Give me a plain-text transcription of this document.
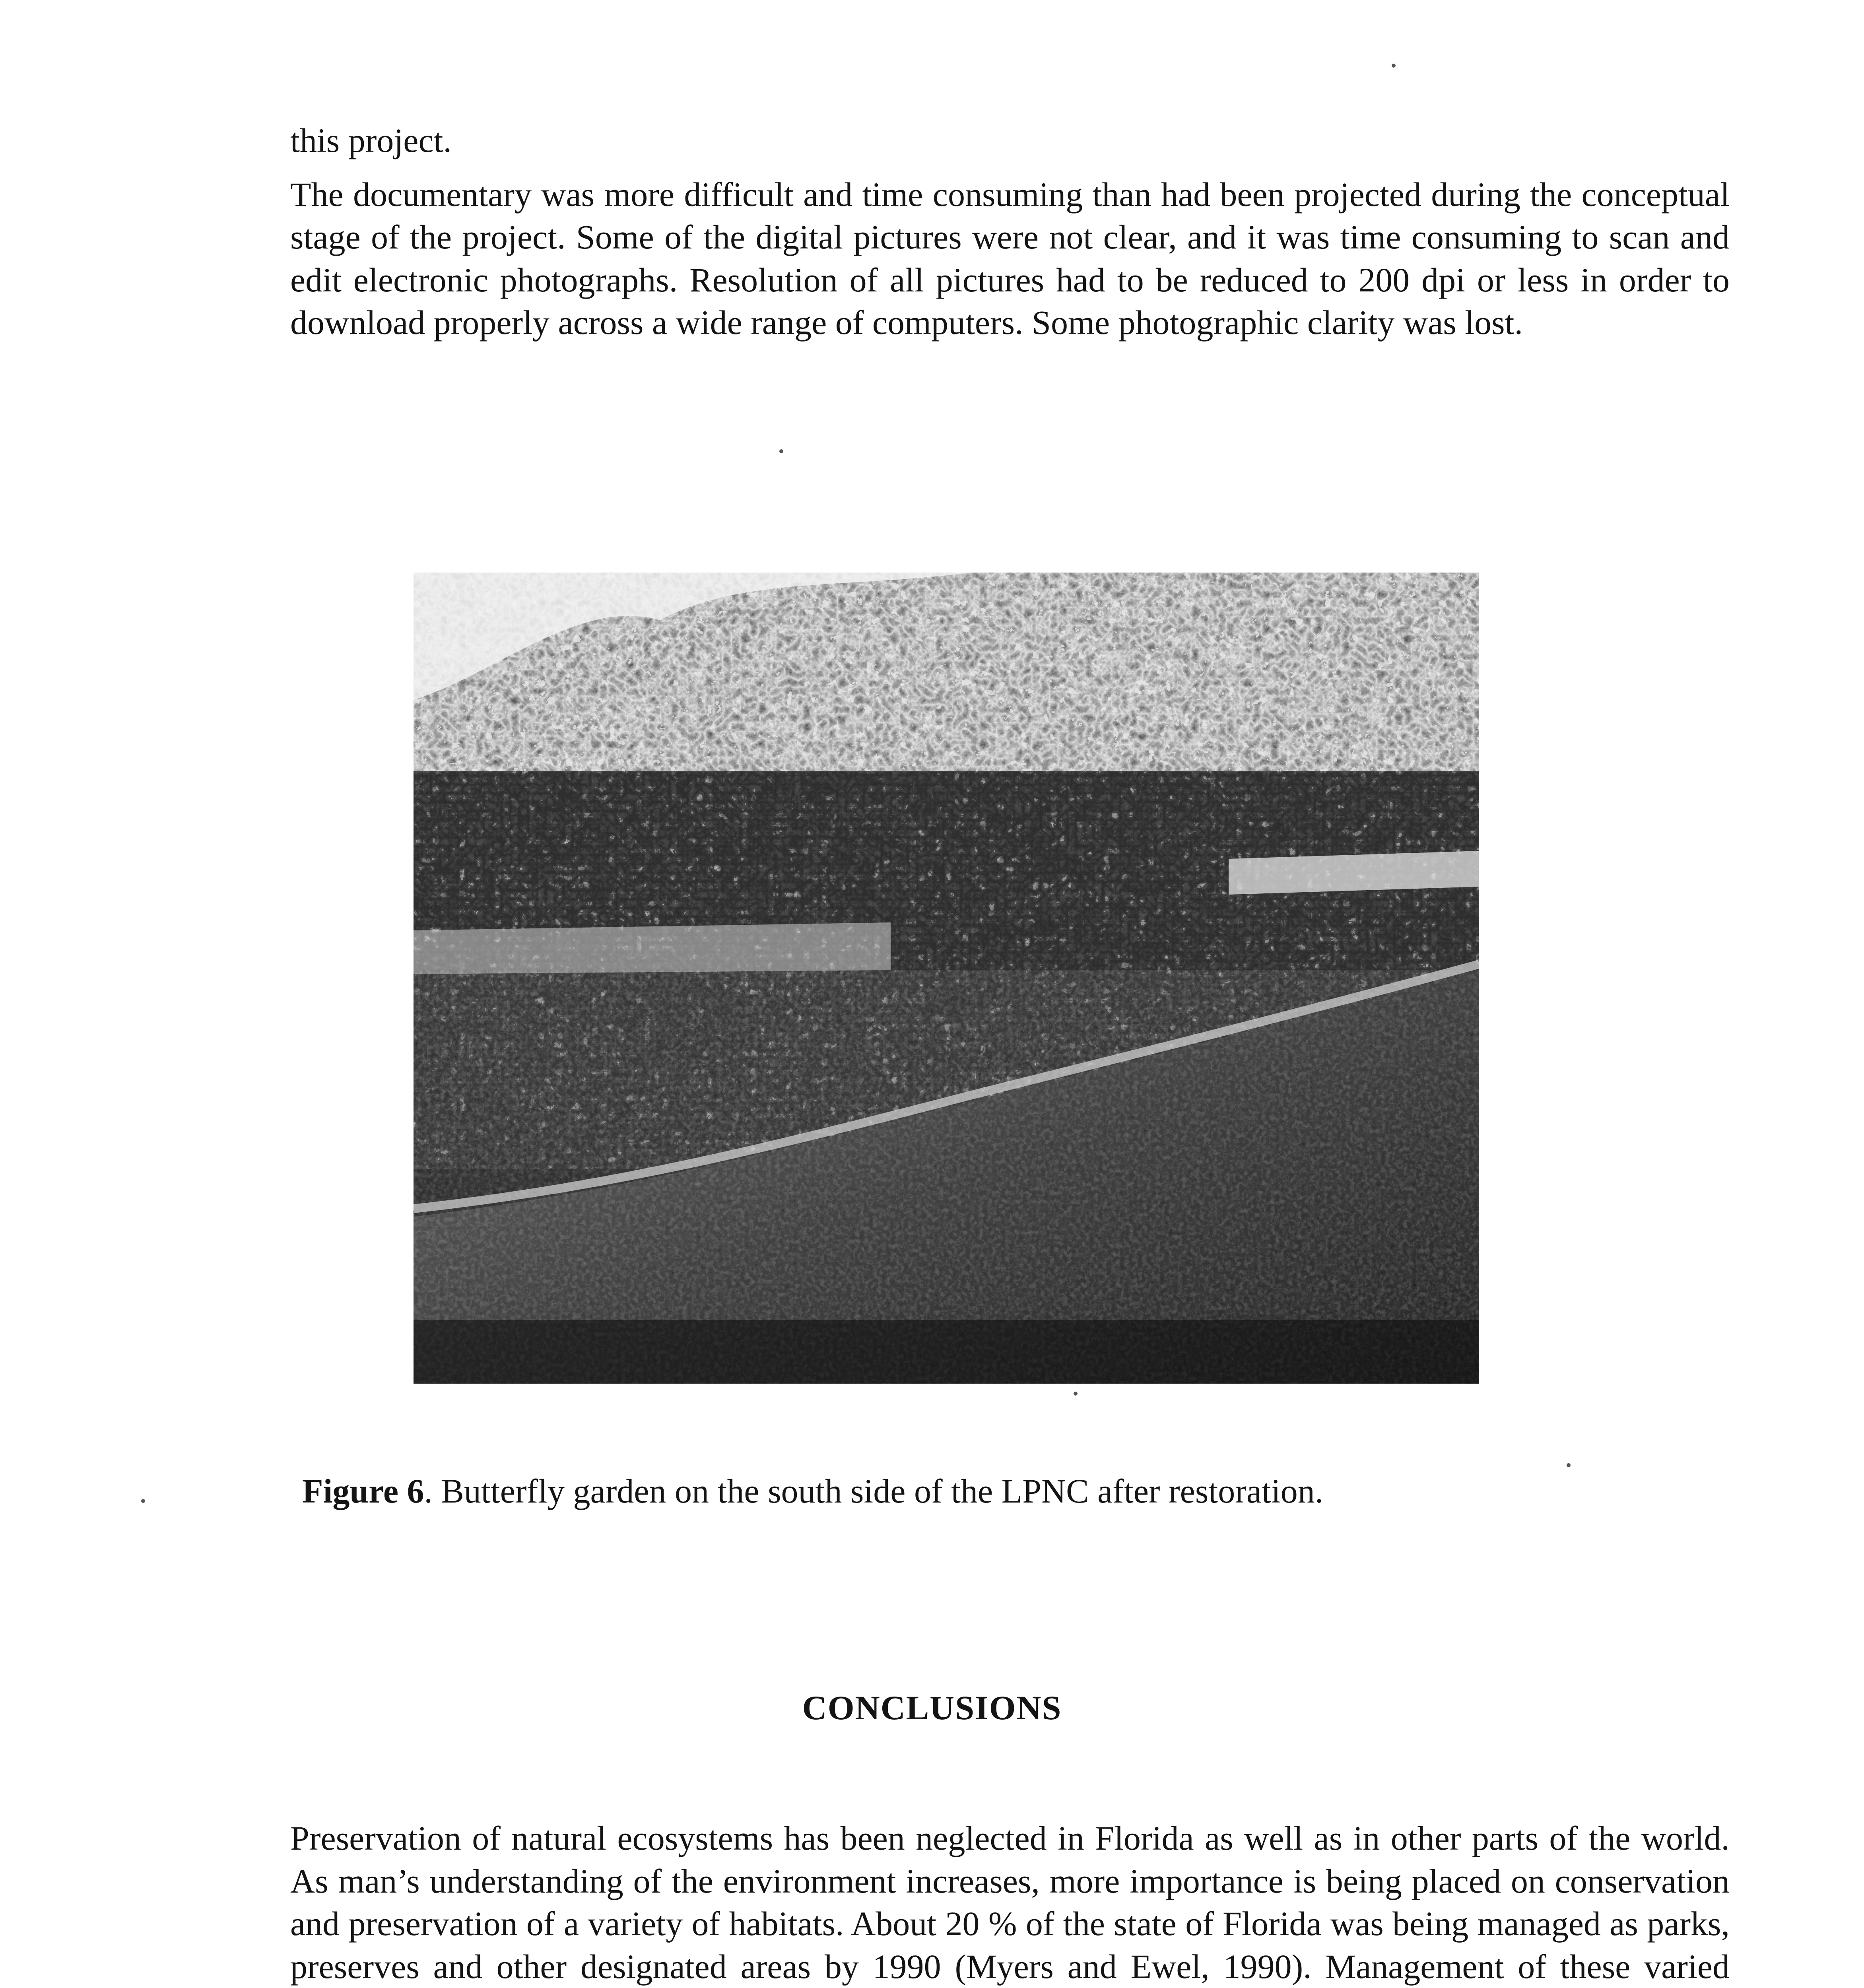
this project.

The documentary was more difficult and time consuming than had been projected during the conceptual stage of the project. Some of the digital pictures were not clear, and it was time consuming to scan and edit electronic photographs. Resolution of all pictures had to be reduced to 200 dpi or less in order to download properly across a wide range of computers. Some photographic clarity was lost.

Figure 6. Butterfly garden on the south side of the LPNC after restoration.
CONCLUSIONS

Preservation of natural ecosystems has been neglected in Florida as well as in other parts of the world. As man’s understanding of the environment increases, more importance is being placed on conservation and preservation of a variety of habitats. About 20 % of the state of Florida was being managed as parks, preserves and other designated areas by 1990 (Myers and Ewel, 1990). Management of these varied
